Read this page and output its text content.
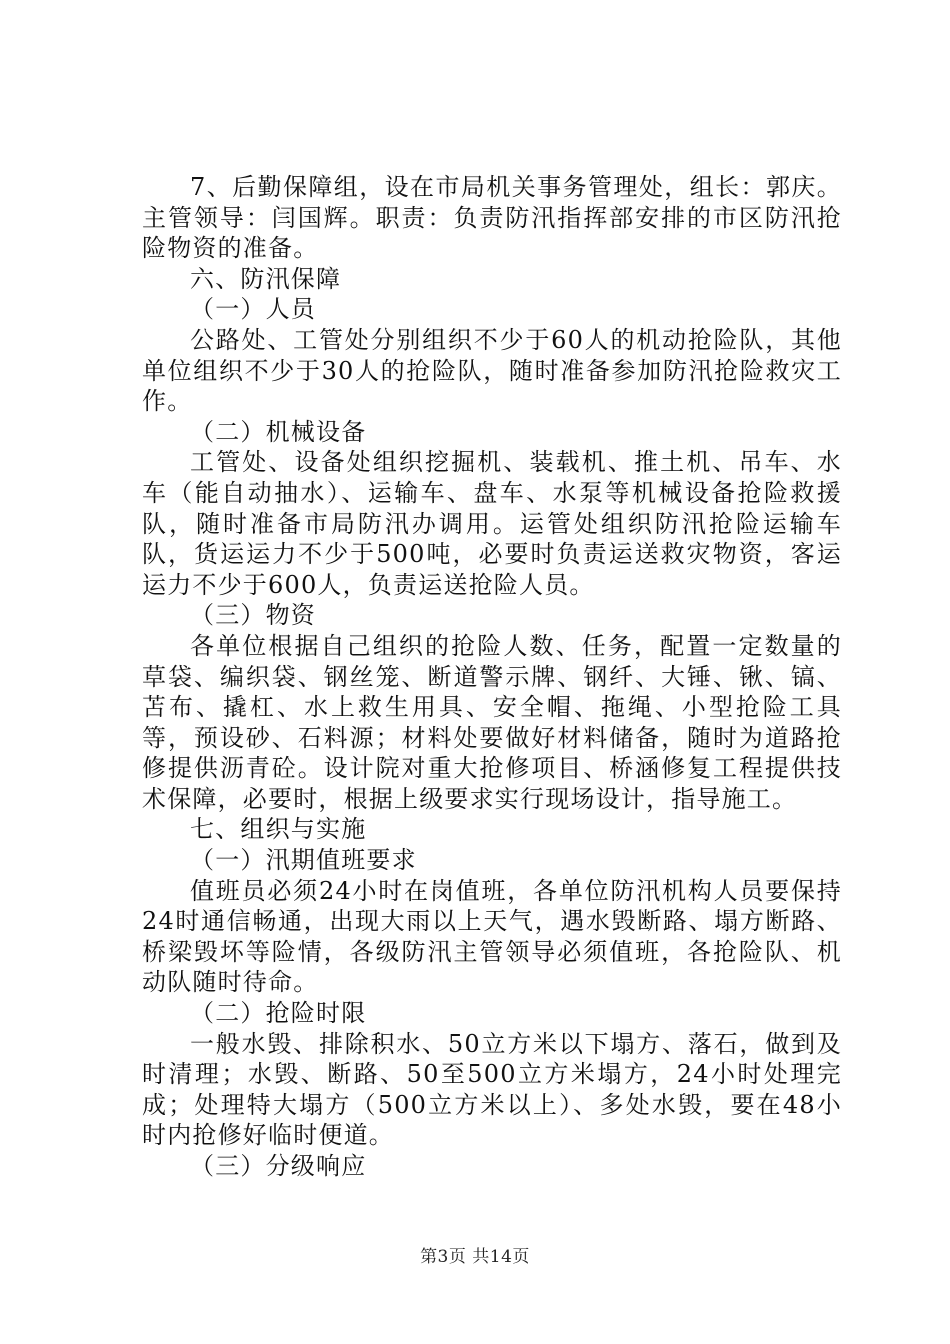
7、后勤保障组，设在市局机关事务管理处，组长：郭庆。主管领导：闫国辉。职责：负责防汛指挥部安排的市区防汛抢险物资的准备。

六、防汛保障

（一）人员

公路处、工管处分别组织不少于60人的机动抢险队，其他单位组织不少于30人的抢险队，随时准备参加防汛抢险救灾工作。

（二）机械设备

工管处、设备处组织挖掘机、装载机、推土机、吊车、水车（能自动抽水）、运输车、盘车、水泵等机械设备抢险救援队，随时准备市局防汛办调用。运管处组织防汛抢险运输车队，货运运力不少于500吨，必要时负责运送救灾物资，客运运力不少于600人，负责运送抢险人员。

（三）物资

各单位根据自己组织的抢险人数、任务，配置一定数量的草袋、编织袋、钢丝笼、断道警示牌、钢纤、大锤、锹、镐、苫布、撬杠、水上救生用具、安全帽、拖绳、小型抢险工具等，预设砂、石料源；材料处要做好材料储备，随时为道路抢修提供沥青砼。设计院对重大抢修项目、桥涵修复工程提供技术保障，必要时，根据上级要求实行现场设计，指导施工。

七、组织与实施

（一）汛期值班要求

值班员必须24小时在岗值班，各单位防汛机构人员要保持24时通信畅通，出现大雨以上天气，遇水毁断路、塌方断路、桥梁毁坏等险情，各级防汛主管领导必须值班，各抢险队、机动队随时待命。

（二）抢险时限

一般水毁、排除积水、50立方米以下塌方、落石，做到及时清理；水毁、断路、50至500立方米塌方，24小时处理完成；处理特大塌方（500立方米以上）、多处水毁，要在48小时内抢修好临时便道。

（三）分级响应

第3页 共14页
